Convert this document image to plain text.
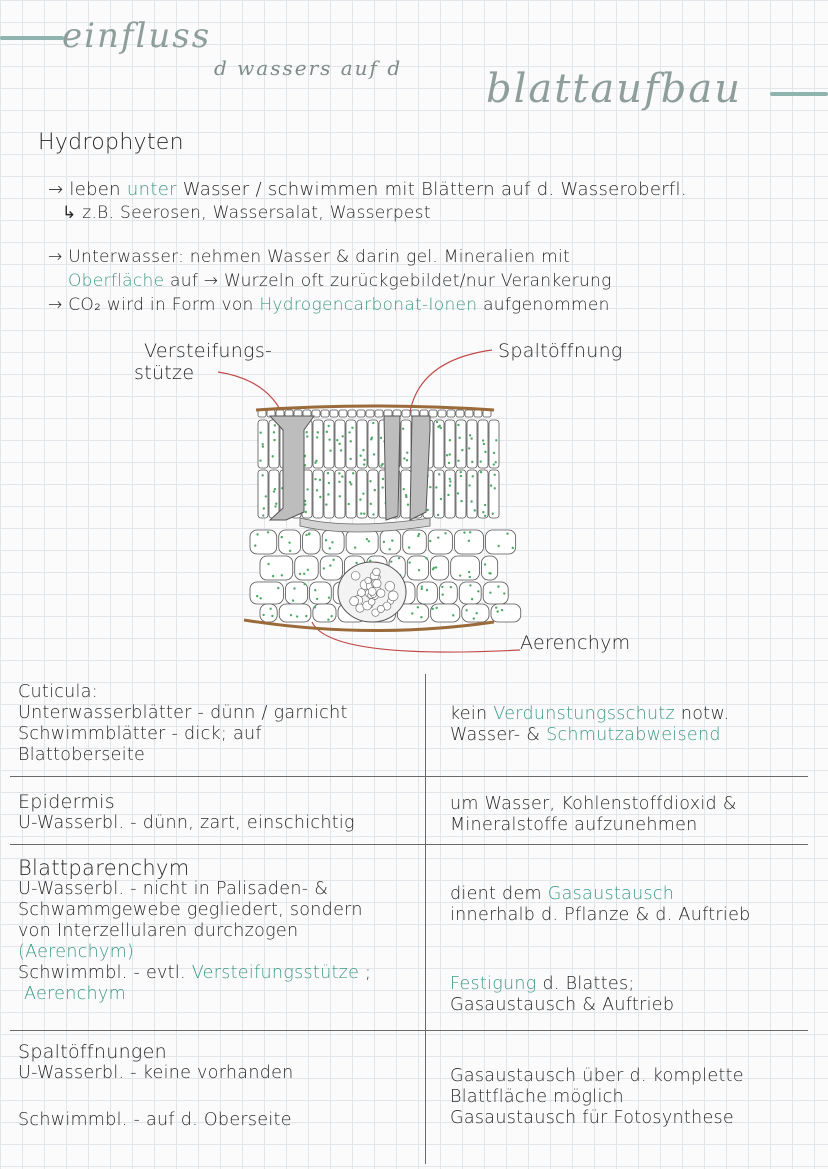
einfluss
d wassers auf d blattaufbau
Hydrophyten
→ leben unter Wasser / schwimmen mit Blättern auf d. Wasseroberfl.
↳ z.B. Seerosen, Wassersalat, Wasserpest
→ Unterwasser: nehmen Wasser & darin gel. Mineralien mit
Oberfläche auf → Wurzeln oft zurückgebildet/nur Verankerung
→ CO₂ wird in Form von Hydrogencarbonat-Ionen aufgenommen
Versteifungs-
stütze
Spaltöffnung
Aerenchym
Cuticula:
Unterwasserblätter - dünn / garnicht
Schwimmblätter - dick; auf
Blattoberseite
kein Verdunstungsschutz notw.
Wasser- & Schmutzabweisend
Epidermis
U-Wasserbl. - dünn, zart, einschichtig
um Wasser, Kohlenstoffdioxid &
Mineralstoffe aufzunehmen
Blattparenchym
U-Wasserbl. - nicht in Palisaden- &
Schwammgewebe gegliedert, sondern
von Interzellularen durchzogen
(Aerenchym)
Schwimmbl. - evtl. Versteifungsstütze ;
Aerenchym
dient dem Gasaustausch
innerhalb d. Pflanze & d. Auftrieb
Festigung d. Blattes;
Gasaustausch & Auftrieb
Spaltöffnungen
U-Wasserbl. - keine vorhanden
Schwimmbl. - auf d. Oberseite
Gasaustausch über d. komplette
Blattfläche möglich
Gasaustausch für Fotosynthese
